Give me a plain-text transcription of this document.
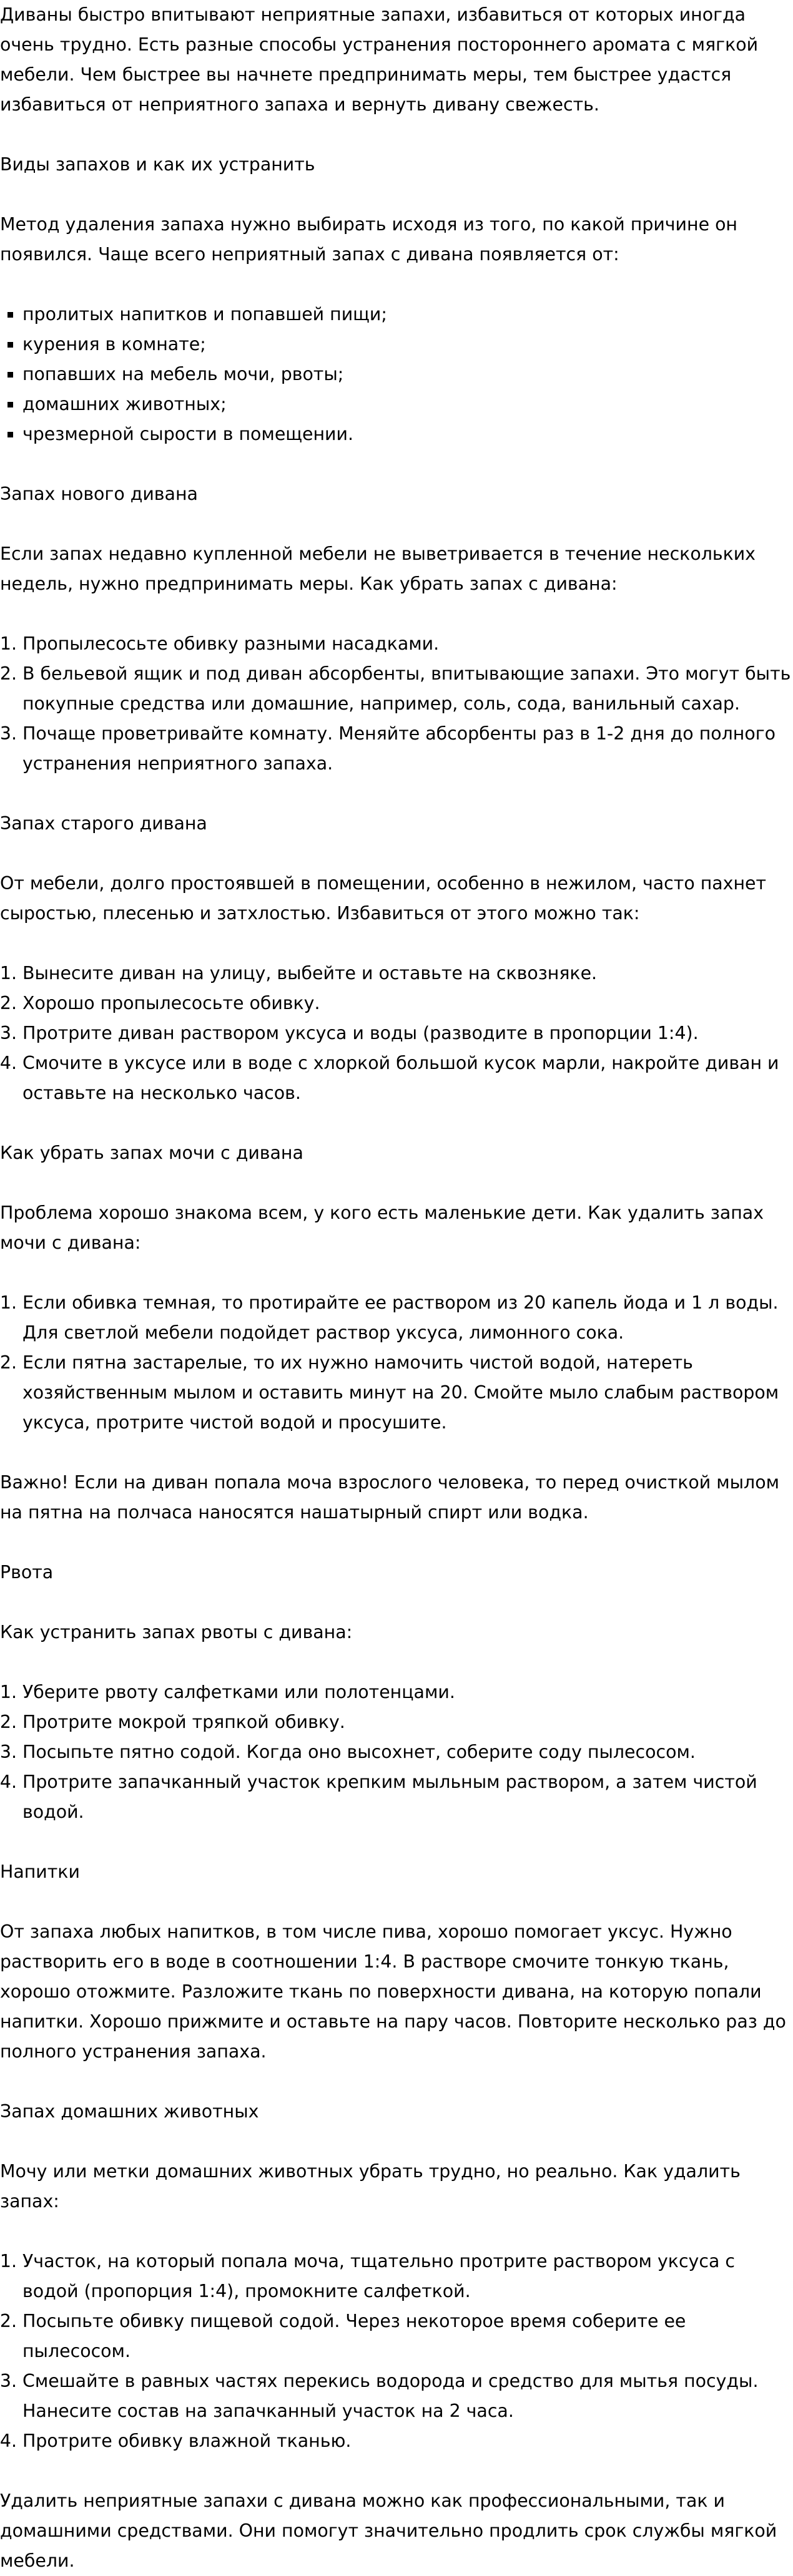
Диваны быстро впитывают неприятные запахи, избавиться от которых иногда очень трудно. Есть разные способы устранения постороннего аромата с мягкой мебели. Чем быстрее вы начнете предпринимать меры, тем быстрее удастся избавиться от неприятного запаха и вернуть дивану свежесть.

Виды запахов и как их устранить

Метод удаления запаха нужно выбирать исходя из того, по какой причине он появился. Чаще всего неприятный запах с дивана появляется от:

▪ пролитых напитков и попавшей пищи;
▪ курения в комнате;
▪ попавших на мебель мочи, рвоты;
▪ домашних животных;
▪ чрезмерной сырости в помещении.

Запах нового дивана

Если запах недавно купленной мебели не выветривается в течение нескольких недель, нужно предпринимать меры. Как убрать запах с дивана:

1. Пропылесосьте обивку разными насадками.
2. В бельевой ящик и под диван абсорбенты, впитывающие запахи. Это могут быть покупные средства или домашние, например, соль, сода, ванильный сахар.
3. Почаще проветривайте комнату. Меняйте абсорбенты раз в 1-2 дня до полного устранения неприятного запаха.

Запах старого дивана

От мебели, долго простоявшей в помещении, особенно в нежилом, часто пахнет сыростью, плесенью и затхлостью. Избавиться от этого можно так:

1. Вынесите диван на улицу, выбейте и оставьте на сквозняке.
2. Хорошо пропылесосьте обивку.
3. Протрите диван раствором уксуса и воды (разводите в пропорции 1:4).
4. Смочите в уксусе или в воде с хлоркой большой кусок марли, накройте диван и оставьте на несколько часов.

Как убрать запах мочи с дивана

Проблема хорошо знакома всем, у кого есть маленькие дети. Как удалить запах мочи с дивана:

1. Если обивка темная, то протирайте ее раствором из 20 капель йода и 1 л воды. Для светлой мебели подойдет раствор уксуса, лимонного сока.
2. Если пятна застарелые, то их нужно намочить чистой водой, натереть хозяйственным мылом и оставить минут на 20. Смойте мыло слабым раствором уксуса, протрите чистой водой и просушите.

Важно! Если на диван попала моча взрослого человека, то перед очисткой мылом на пятна на полчаса наносятся нашатырный спирт или водка.

Рвота

Как устранить запах рвоты с дивана:

1. Уберите рвоту салфетками или полотенцами.
2. Протрите мокрой тряпкой обивку.
3. Посыпьте пятно содой. Когда оно высохнет, соберите соду пылесосом.
4. Протрите запачканный участок крепким мыльным раствором, а затем чистой водой.

Напитки

От запаха любых напитков, в том числе пива, хорошо помогает уксус. Нужно растворить его в воде в соотношении 1:4. В растворе смочите тонкую ткань, хорошо отожмите. Разложите ткань по поверхности дивана, на которую попали напитки. Хорошо прижмите и оставьте на пару часов. Повторите несколько раз до полного устранения запаха.

Запах домашних животных

Мочу или метки домашних животных убрать трудно, но реально. Как удалить запах:

1. Участок, на который попала моча, тщательно протрите раствором уксуса с водой (пропорция 1:4), промокните салфеткой.
2. Посыпьте обивку пищевой содой. Через некоторое время соберите ее пылесосом.
3. Смешайте в равных частях перекись водорода и средство для мытья посуды. Нанесите состав на запачканный участок на 2 часа.
4. Протрите обивку влажной тканью.

Удалить неприятные запахи с дивана можно как профессиональными, так и домашними средствами. Они помогут значительно продлить срок службы мягкой мебели.
